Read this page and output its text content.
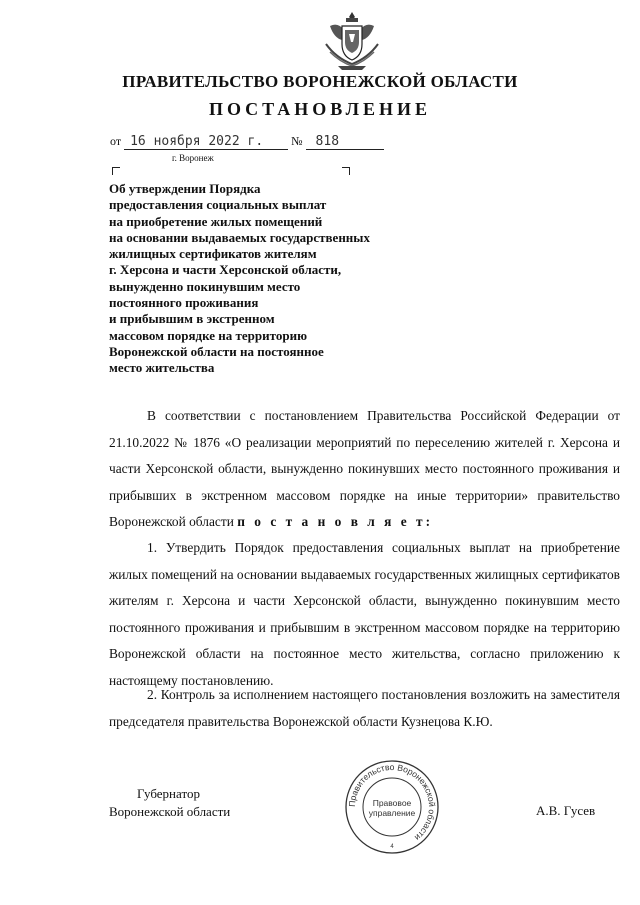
ПРАВИТЕЛЬСТВО ВОРОНЕЖСКОЙ ОБЛАСТИ
ПОСТАНОВЛЕНИЕ
от 16 ноября 2022 г. № 818
г. Воронеж
Об утверждении Порядка
предоставления социальных выплат
на приобретение жилых помещений
на основании выдаваемых государственных
жилищных сертификатов жителям
г. Херсона и части Херсонской области,
вынужденно покинувшим место
постоянного проживания
и прибывшим в экстренном
массовом порядке на территорию
Воронежской области на постоянное
место жительства
В соответствии с постановлением Правительства Российской Федерации от 21.10.2022 № 1876 «О реализации мероприятий по переселению жителей г. Херсона и части Херсонской области, вынужденно покинувших место постоянного проживания и прибывших в экстренном массовом порядке на иные территории» правительство Воронежской области п о с т а н о в л я е т:
1. Утвердить Порядок предоставления социальных выплат на приобретение жилых помещений на основании выдаваемых государственных жилищных сертификатов жителям г. Херсона и части Херсонской области, вынужденно покинувшим место постоянного проживания и прибывшим в экстренном массовом порядке на территорию Воронежской области на постоянное место жительства, согласно приложению к настоящему постановлению.
2. Контроль за исполнением настоящего постановления возложить на заместителя председателя правительства Воронежской области Кузнецова К.Ю.
Губернатор
Воронежской области	А.В. Гусев
Правительство Воронежской области
Правовое
управление
4
